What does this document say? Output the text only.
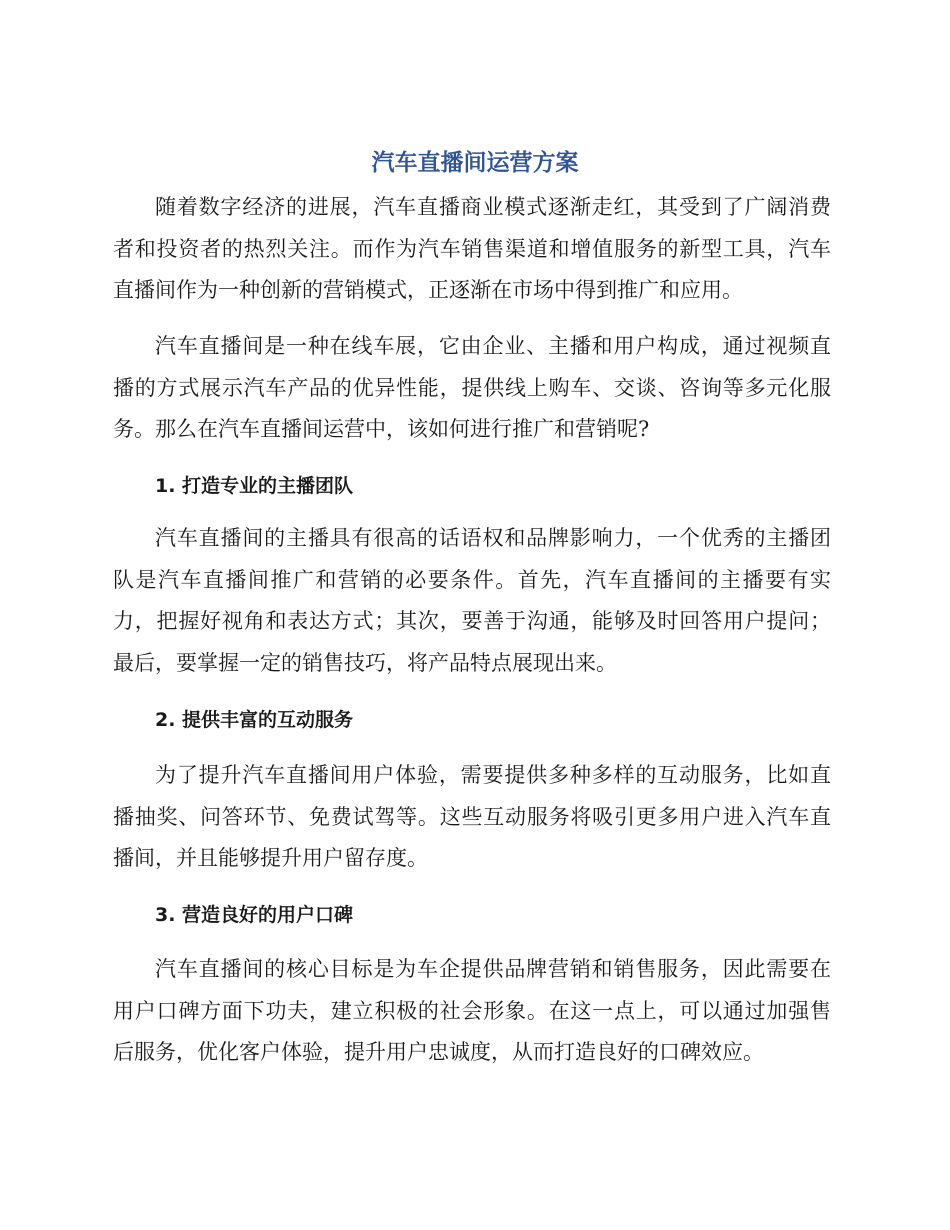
汽车直播间运营方案
随着数字经济的进展，汽车直播商业模式逐渐走红，其受到了广阔消费
者和投资者的热烈关注。而作为汽车销售渠道和增值服务的新型工具，汽车
直播间作为一种创新的营销模式，正逐渐在市场中得到推广和应用。
汽车直播间是一种在线车展，它由企业、主播和用户构成，通过视频直
播的方式展示汽车产品的优异性能，提供线上购车、交谈、咨询等多元化服
务。那么在汽车直播间运营中，该如何进行推广和营销呢?
1. 打造专业的主播团队
汽车直播间的主播具有很高的话语权和品牌影响力，一个优秀的主播团
队是汽车直播间推广和营销的必要条件。首先，汽车直播间的主播要有实
力，把握好视角和表达方式；其次，要善于沟通，能够及时回答用户提问；
最后，要掌握一定的销售技巧，将产品特点展现出来。
2. 提供丰富的互动服务
为了提升汽车直播间用户体验，需要提供多种多样的互动服务，比如直
播抽奖、问答环节、免费试驾等。这些互动服务将吸引更多用户进入汽车直
播间，并且能够提升用户留存度。
3. 营造良好的用户口碑
汽车直播间的核心目标是为车企提供品牌营销和销售服务，因此需要在
用户口碑方面下功夫，建立积极的社会形象。在这一点上，可以通过加强售
后服务，优化客户体验，提升用户忠诚度，从而打造良好的口碑效应。
